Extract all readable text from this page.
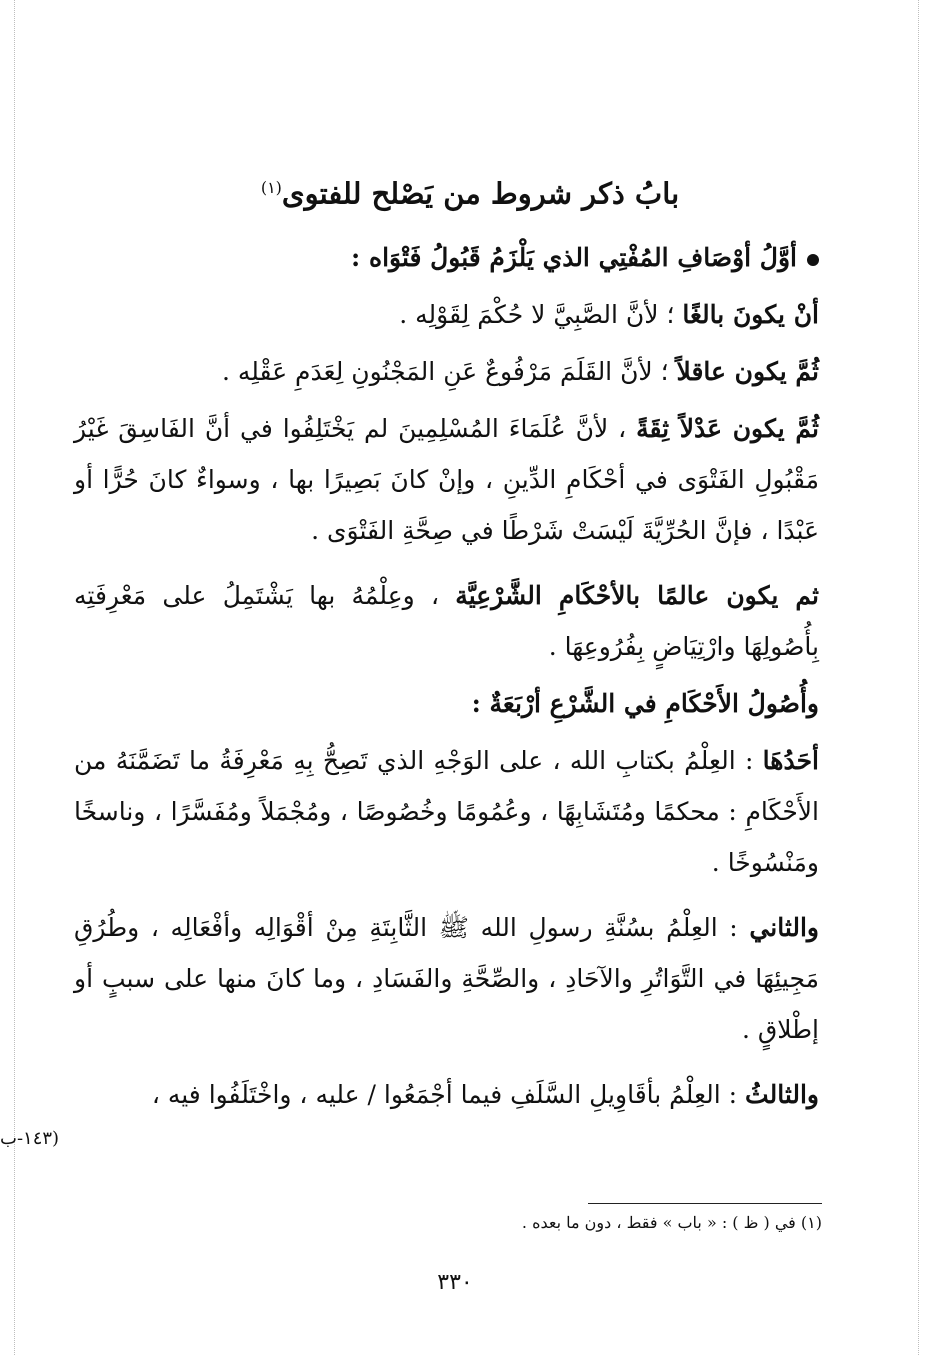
بابُ ذكر شروط من يَصْلح للفتوى$^{(١)}$
أوَّلُ أوْصَافِ المُفْتِي الذي يَلْزَمُ قَبُولُ فَتْوَاه :
أنْ يكونَ بالغًا ؛ لأنَّ الصَّبِيَّ لا حُكْمَ لِقَوْلِه .
ثُمَّ يكون عاقلاً ؛ لأنَّ القَلَمَ مَرْفُوعٌ عَنِ المَجْنُونِ لِعَدَمِ عَقْلِه .
ثُمَّ يكون عَدْلاً ثِقَةً ، لأنَّ عُلَمَاءَ المُسْلِمِينَ لم يَخْتَلِفُوا في أنَّ الفَاسِقَ غَيْرُ مَقْبُولِ الفَتْوَى في أحْكَامِ الدِّينِ ، وإنْ كانَ بَصِيرًا بها ، وسواءٌ كانَ حُرًّا أو عَبْدًا ، فإنَّ الحُرِّيَّةَ لَيْسَتْ شَرْطًا في صِحَّةِ الفَتْوَى .
ثم يكون عالمًا بالأحْكَامِ الشَّرْعِيَّة ، وعِلْمُهُ بها يَشْتَمِلُ على مَعْرِفَتِه بِأُصُولِهَا وارْتِيَاضٍ بِفُرُوعِهَا .
وأُصُولُ الأَحْكَامِ في الشَّرْعِ أرْبَعَةٌ :
أحَدُهَا : العِلْمُ بكتابِ الله ، على الوَجْهِ الذي تَصِحُّ بِهِ مَعْرِفَةُ ما تَضَمَّنَهُ من الأَحْكَامِ : محكمًا ومُتَشَابِهًا ، وعُمُومًا وخُصُوصًا ، ومُجْمَلاً ومُفَسَّرًا ، وناسخًا ومَنْسُوخًا .
والثاني : العِلْمُ بسُنَّةِ رسولِ الله ﷺ الثَّابِتَةِ مِنْ أقْوَالِه وأفْعَالِه ، وطُرُقِ مَجِيئِهَا في التَّوَاتُرِ والآحَادِ ، والصِّحَّةِ والفَسَادِ ، وما كانَ منها على سببٍ أو إطْلاقٍ .
والثالثُ : العِلْمُ بأقَاوِيلِ السَّلَفِ فيما أجْمَعُوا / عليه ، واخْتَلَفُوا فيه ،
(١٤٣-ب
(١) في ( ظ ) : « باب » فقط ، دون ما بعده .
٣٣٠
